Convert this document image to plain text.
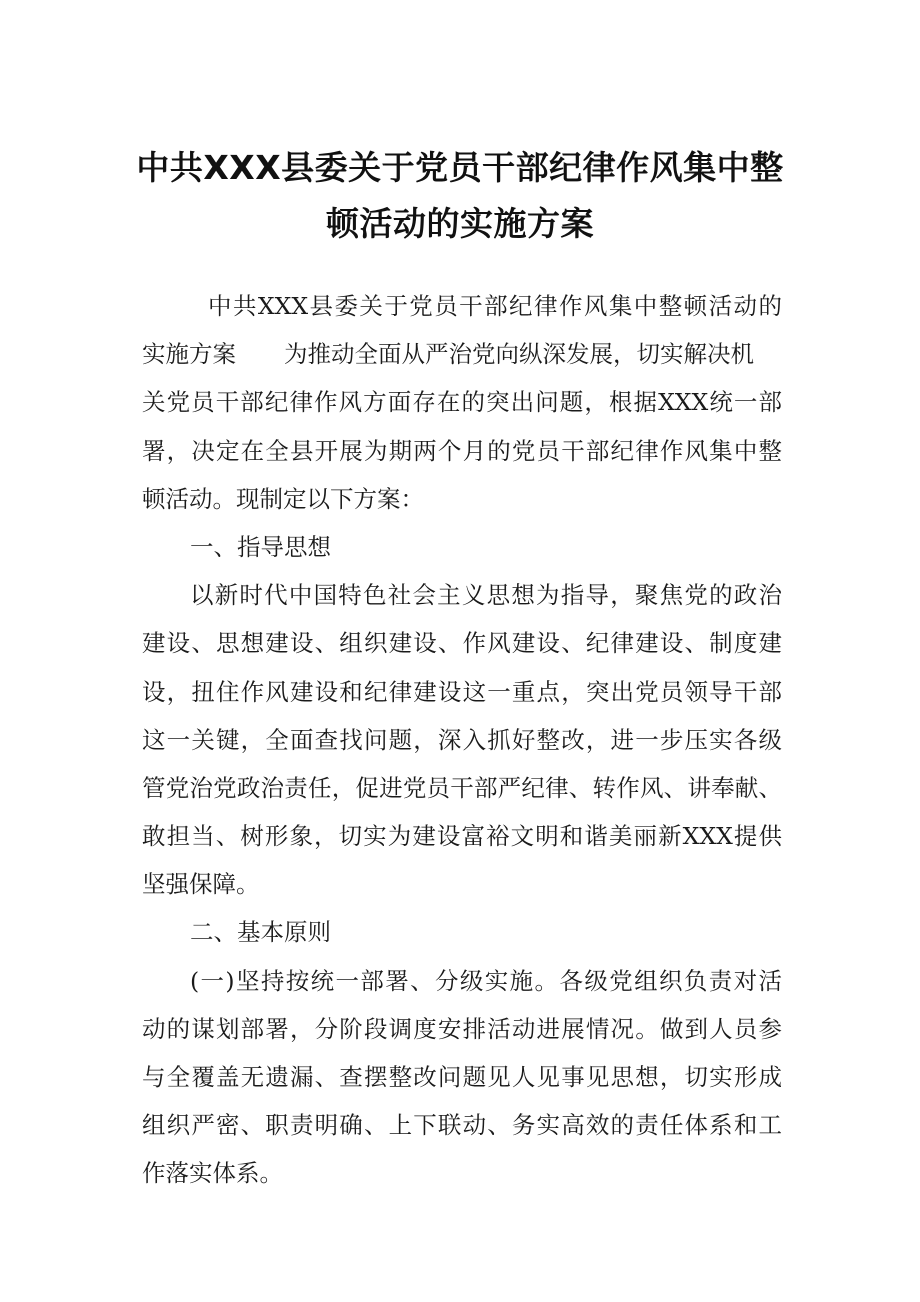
中共XXX县委关于党员干部纪律作风集中整
顿活动的实施方案
中共XXX县委关于党员干部纪律作风集中整顿活动的
实施方案 为推动全面从严治党向纵深发展，切实解决机
关党员干部纪律作风方面存在的突出问题，根据XXX统一部
署，决定在全县开展为期两个月的党员干部纪律作风集中整
顿活动。现制定以下方案：
一、指导思想
以新时代中国特色社会主义思想为指导，聚焦党的政治
建设、思想建设、组织建设、作风建设、纪律建设、制度建
设，扭住作风建设和纪律建设这一重点，突出党员领导干部
这一关键，全面查找问题，深入抓好整改，进一步压实各级
管党治党政治责任，促进党员干部严纪律、转作风、讲奉献、
敢担当、树形象，切实为建设富裕文明和谐美丽新XXX提供
坚强保障。
二、基本原则
(一)坚持按统一部署、分级实施。各级党组织负责对活
动的谋划部署，分阶段调度安排活动进展情况。做到人员参
与全覆盖无遗漏、查摆整改问题见人见事见思想，切实形成
组织严密、职责明确、上下联动、务实高效的责任体系和工
作落实体系。
